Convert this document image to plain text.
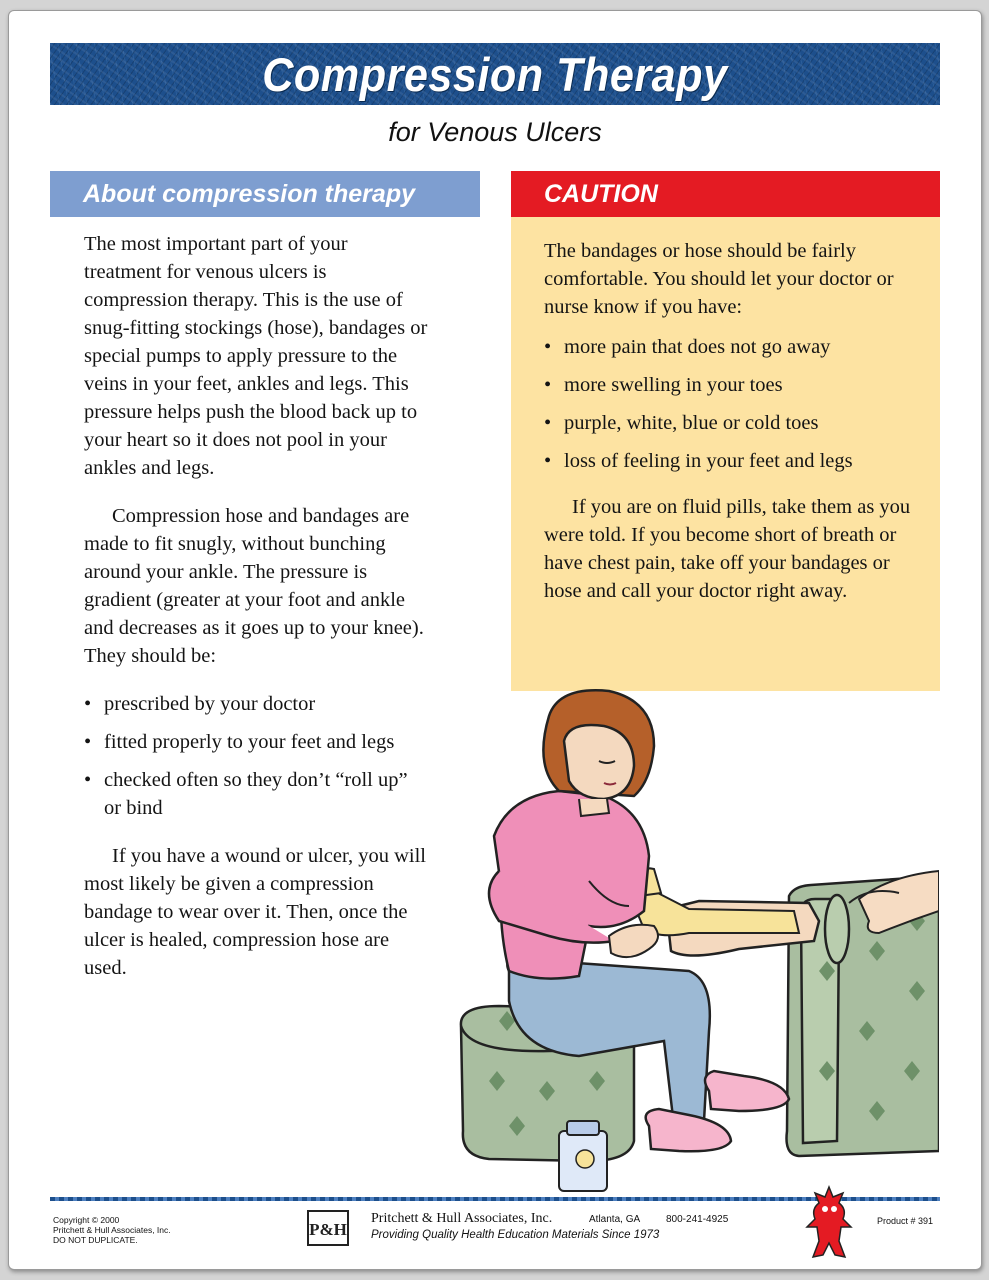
Compression Therapy
for Venous Ulcers
About compression therapy	CAUTION

The most important part of your treatment for venous ulcers is compression therapy. This is the use of snug-fitting stockings (hose), bandages or special pumps to apply pressure to the veins in your feet, ankles and legs. This pressure helps push the blood back up to your heart so it does not pool in your ankles and legs.

Compression hose and bandages are made to fit snugly, without bunching around your ankle. The pressure is gradient (greater at your foot and ankle and decreases as it goes up to your knee). They should be:

• prescribed by your doctor
• fitted properly to your feet and legs
• checked often so they don’t “roll up” or bind

If you have a wound or ulcer, you will most likely be given a compression bandage to wear over it. Then, once the ulcer is healed, compression hose are used.

The bandages or hose should be fairly comfortable. You should let your doctor or nurse know if you have:

• more pain that does not go away
• more swelling in your toes
• purple, white, blue or cold toes
• loss of feeling in your feet and legs

If you are on fluid pills, take them as you were told. If you become short of breath or have chest pain, take off your bandages or hose and call your doctor right away.

Copyright © 2000
Pritchett & Hull Associates, Inc.
DO NOT DUPLICATE.
P&H
Pritchett & Hull Associates, Inc.	Atlanta, GA	800-241-4925
Providing Quality Health Education Materials Since 1973
Product # 391
